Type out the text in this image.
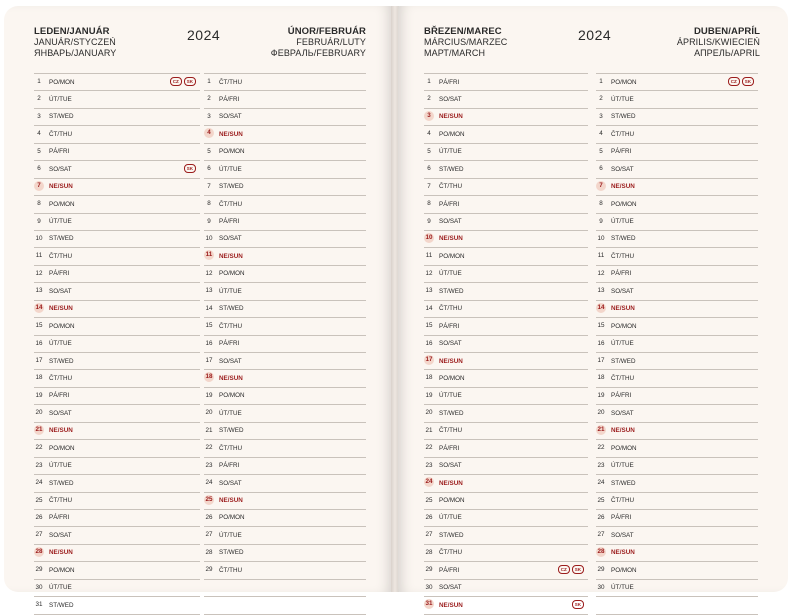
LEDEN/JANUÁR
JANUÁR/STYCZEŃ
ЯНВАРЬ/JANUARY
2024	ÚNOR/FEBRUÁR
FEBRUÁR/LUTY
ФЕВРАЛЬ/FEBRUARY
1	PO/MON	CZ	SK
2	ÚT/TUE
3	ST/WED
4	ČT/THU
5	PÁ/FRI
6	SO/SAT	SK
7	NE/SUN
8	PO/MON
9	ÚT/TUE
10 ST/WED
11 ČT/THU
12 PÁ/FRI
13 SO/SAT
14 NE/SUN
15 PO/MON
16 ÚT/TUE
17 ST/WED
18 ČT/THU
19 PÁ/FRI
20 SO/SAT
21 NE/SUN
22 PO/MON
23 ÚT/TUE
24 ST/WED
25 ČT/THU
26 PÁ/FRI
27 SO/SAT
28 NE/SUN
29 PO/MON
30 ÚT/TUE
31 ST/WED
1	ČT/THU
2	PÁ/FRI
3	SO/SAT
4	NE/SUN
5	PO/MON
6	ÚT/TUE
7	ST/WED
8	ČT/THU
9	PÁ/FRI
10 SO/SAT
11 NE/SUN
12 PO/MON
13 ÚT/TUE
14 ST/WED
15 ČT/THU
16 PÁ/FRI
17 SO/SAT
18 NE/SUN
19 PO/MON
20 ÚT/TUE
21 ST/WED
22 ČT/THU
23 PÁ/FRI
24 SO/SAT
25 NE/SUN
26 PO/MON
27 ÚT/TUE
28 ST/WED
29 ČT/THU
BŘEZEN/MAREC
MÁRCIUS/MARZEC
МАРТ/MARCH
2024	DUBEN/APRÍL
ÁPRILIS/KWIECIEŃ
АПРЕЛЬ/APRIL
1	PÁ/FRI
2	SO/SAT
3	NE/SUN
4	PO/MON
5	ÚT/TUE
6	ST/WED
7	ČT/THU
8	PÁ/FRI
9	SO/SAT
10 NE/SUN
11 PO/MON
12 ÚT/TUE
13 ST/WED
14 ČT/THU
15 PÁ/FRI
16 SO/SAT
17 NE/SUN
18 PO/MON
19 ÚT/TUE
20 ST/WED
21 ČT/THU
22 PÁ/FRI
23 SO/SAT
24 NE/SUN
25 PO/MON
26 ÚT/TUE
27 ST/WED
28 ČT/THU
29 PÁ/FRI	CZ	SK
30 SO/SAT
31 NE/SUN	SK
1	PO/MON	CZ	SK
2	ÚT/TUE
3	ST/WED
4	ČT/THU
5	PÁ/FRI
6	SO/SAT
7	NE/SUN
8	PO/MON
9	ÚT/TUE
10 ST/WED
11 ČT/THU
12 PÁ/FRI
13 SO/SAT
14 NE/SUN
15 PO/MON
16 ÚT/TUE
17 ST/WED
18 ČT/THU
19 PÁ/FRI
20 SO/SAT
21 NE/SUN
22 PO/MON
23 ÚT/TUE
24 ST/WED
25 ČT/THU
26 PÁ/FRI
27 SO/SAT
28 NE/SUN
29 PO/MON
30 ÚT/TUE
